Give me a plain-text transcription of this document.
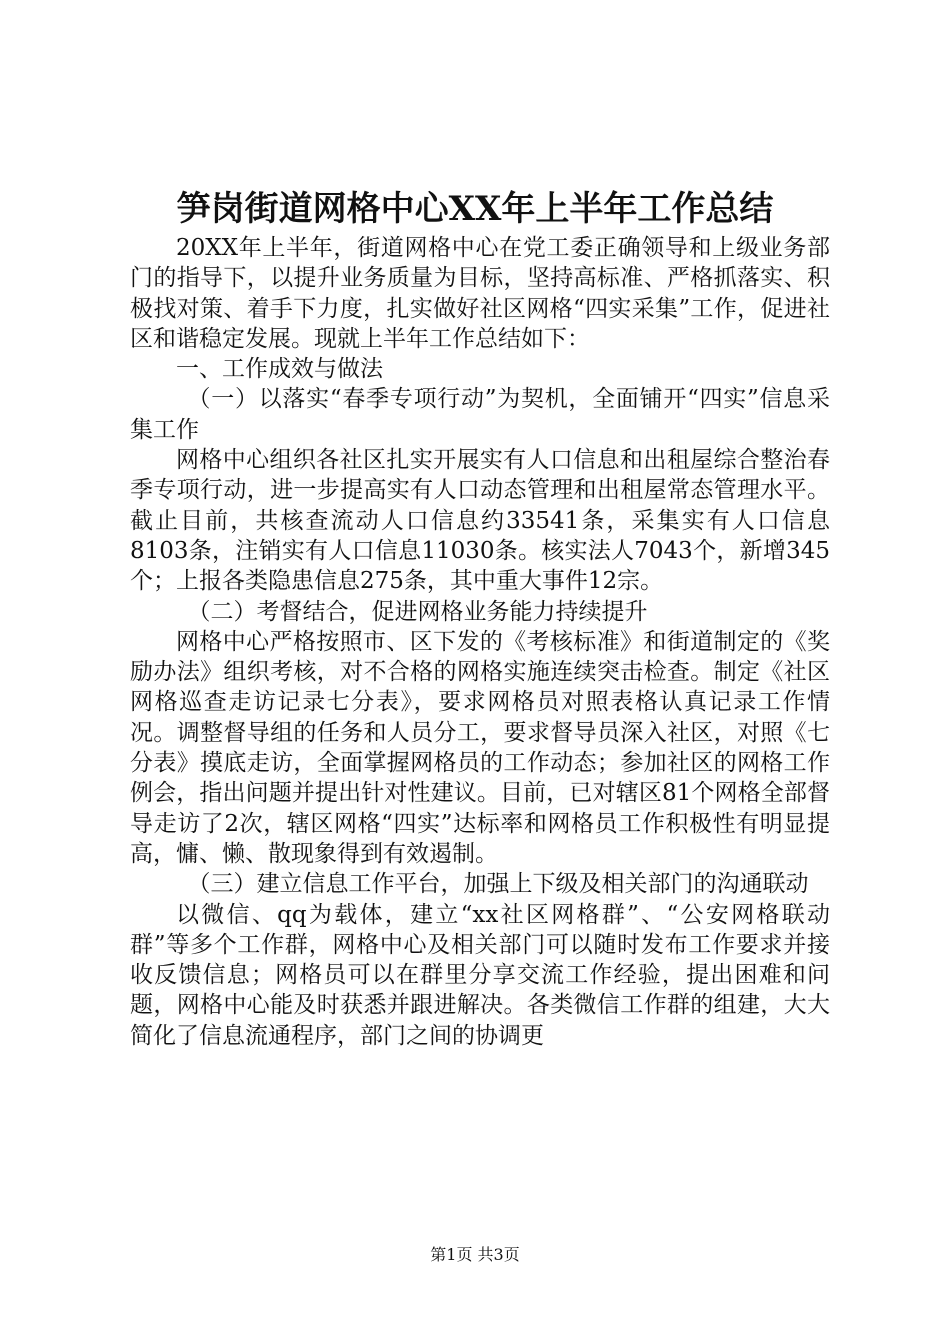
笋岗街道网格中心XX年上半年工作总结

20XX年上半年，街道网格中心在党工委正确领导和上级业务部门的指导下，以提升业务质量为目标，坚持高标准、严格抓落实、积极找对策、着手下力度，扎实做好社区网格“四实采集”工作，促进社区和谐稳定发展。现就上半年工作总结如下：

一、工作成效与做法

（一）以落实“春季专项行动”为契机，全面铺开“四实”信息采集工作

网格中心组织各社区扎实开展实有人口信息和出租屋综合整治春季专项行动，进一步提高实有人口动态管理和出租屋常态管理水平。截止目前，共核查流动人口信息约33541条，采集实有人口信息8103条，注销实有人口信息11030条。核实法人7043个，新增345个；上报各类隐患信息275条，其中重大事件12宗。

（二）考督结合，促进网格业务能力持续提升

网格中心严格按照市、区下发的《考核标准》和街道制定的《奖励办法》组织考核，对不合格的网格实施连续突击检查。制定《社区网格巡查走访记录七分表》，要求网格员对照表格认真记录工作情况。调整督导组的任务和人员分工，要求督导员深入社区，对照《七分表》摸底走访，全面掌握网格员的工作动态；参加社区的网格工作例会，指出问题并提出针对性建议。目前，已对辖区81个网格全部督导走访了2次，辖区网格“四实”达标率和网格员工作积极性有明显提高，慵、懒、散现象得到有效遏制。

（三）建立信息工作平台，加强上下级及相关部门的沟通联动

以微信、qq为载体，建立“xx社区网格群”、“公安网格联动群”等多个工作群，网格中心及相关部门可以随时发布工作要求并接收反馈信息；网格员可以在群里分享交流工作经验，提出困难和问题，网格中心能及时获悉并跟进解决。各类微信工作群的组建，大大简化了信息流通程序，部门之间的协调更

第1页 共3页
